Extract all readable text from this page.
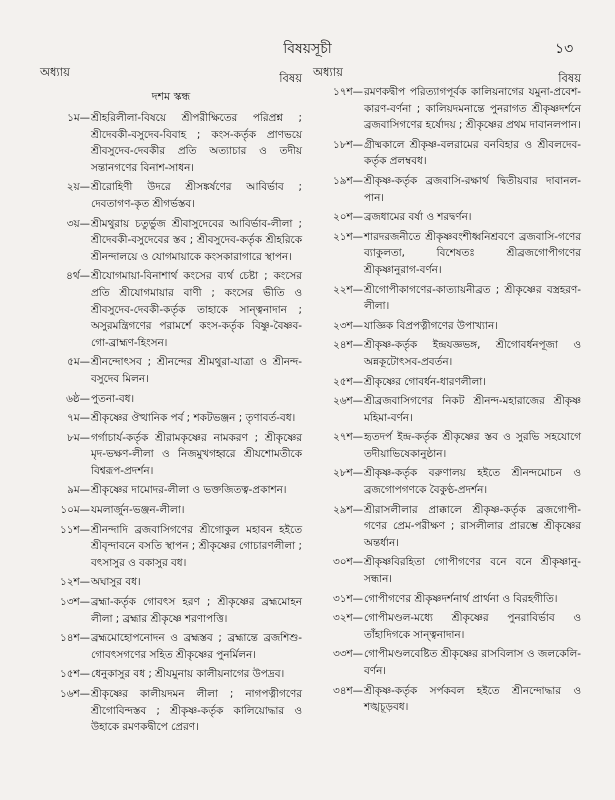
বিষয়সূচী	১৩
অধ্যায়	বিষয়
দশম স্কন্ধ
১ম— শ্রীহরিলীলা-বিষয়ে শ্রীপরীক্ষিতের পরিপ্রশ্ন ; শ্রীদেবকী-বসুদেব-বিবাহ ; কংস-কর্তৃক প্রাণভয়ে শ্রীবসুদেব-দেবকীর প্রতি অত্যাচার ও তদীয় সন্তানগণের বিনাশ-সাধন।
২য়— শ্রীরোহিণী উদরে শ্রীসঙ্কর্ষণের আবির্ভাব ; দেবতাগণ-কৃত শ্রীগর্ভস্তব।
৩য়— শ্রীমথুরায় চতুর্ভুজ শ্রীবাসুদেবের আবির্ভাব-লীলা ; শ্রীদেবকী-বসুদেবের স্তব ; শ্রীবসুদেব-কর্তৃক শ্রীহরিকে শ্রীনন্দালয়ে ও যোগমায়াকে কংসকারাগারে স্থাপন।
৪র্থ— শ্রীযোগমায়া-বিনাশার্থ কংসের ব্যর্থ চেষ্টা ; কংসের প্রতি শ্রীযোগমায়ার বাণী ; কংসের ভীতি ও শ্রীবসুদেব-দেবকী-কর্তৃক তাহাকে সান্ত্বনাদান ; অসুরমন্ত্রিগণের পরামর্শে কংস-কর্তৃক বিষ্ণু-বৈষ্ণব-গো-ব্রাহ্মণ-হিংসন।
৫ম— শ্রীনন্দোৎসব ; শ্রীনন্দের শ্রীমথুরা-যাত্রা ও শ্রীনন্দ-বসুদেব মিলন।
৬ষ্ঠ— পুতনা-বধ।
৭ম— শ্রীকৃষ্ণের ঔত্থানিক পর্ব ; শকটভঞ্জন ; তৃণাবর্ত-বধ।
৮ম— গর্গাচার্য-কর্তৃক শ্রীরামকৃষ্ণের নামকরণ ; শ্রীকৃষ্ণের মৃদ-ভক্ষণ-লীলা ও নিজমুখগহ্বরে শ্রীযশোমতীকে বিশ্বরূপ-প্রদর্শন।
৯ম— শ্রীকৃষ্ণের দামোদর-লীলা ও ভক্তজিতত্ব-প্রকাশন।
১০ম— যমলার্জুন-ভঞ্জন-লীলা।
১১শ— শ্রীনন্দাদি ব্রজবাসিগণের শ্রীগোকুল মহাবন হইতে শ্রীবৃন্দাবনে বসতি স্থাপন ; শ্রীকৃষ্ণের গোচারণলীলা ; বৎসাসুর ও বকাসুর বধ।
১২শ— অঘাসুর বধ।
১৩শ— ব্রহ্মা-কর্তৃক গোবৎস হরণ ; শ্রীকৃষ্ণের ব্রহ্মমোহন লীলা ; ব্রহ্মার শ্রীকৃষ্ণে শরণাপত্তি।
১৪শ— ব্রহ্মমোহোপনোদন ও ব্রহ্মস্তব ; ব্রহ্মান্তে ব্রজশিশু-গোবৎসগণের সহিত শ্রীকৃষ্ণের পুনর্মিলন।
১৫শ— ধেনুকাসুর বধ ; শ্রীযমুনায় কালীয়নাগের উপদ্রব।
১৬শ— শ্রীকৃষ্ণের কালীয়দমন লীলা ; নাগপত্নীগণের শ্রীগোবিন্দস্তব ; শ্রীকৃষ্ণ-কর্তৃক কালিয়োদ্ধার ও উহাকে রমণকদ্বীপে প্রেরণ।
অধ্যায়	বিষয়
১৭শ— রমণকদ্বীপ পরিত্যাগপূর্বক কালিয়নাগের যমুনা-প্রবেশ-কারণ-বর্ণনা ; কালিয়দমনান্তে পুনরাগত শ্রীকৃষ্ণদর্শনে ব্রজবাসিগণের হর্ষোদয় ; শ্রীকৃষ্ণের প্রথম দাবানলপান।
১৮শ— গ্রীষ্মকালে শ্রীকৃষ্ণ-বলরামের বনবিহার ও শ্রীবলদেব-কর্তৃক প্রলম্ববধ।
১৯শ— শ্রীকৃষ্ণ-কর্তৃক ব্রজবাসি-রক্ষার্থ দ্বিতীয়বার দাবানল-পান।
২০শ— ব্রজধামের বর্ষা ও শরদ্বর্ণন।
২১শ— শারদরজনীতে শ্রীকৃষ্ণবংশীধ্বনিশ্রবণে ব্রজবাসি-গণের ব্যাকুলতা, বিশেষতঃ শ্রীব্রজগোপীগণের শ্রীকৃষ্ণানুরাগ-বর্ণন।
২২শ— শ্রীগোপীকাগণের-কাত্যায়নীব্রত ; শ্রীকৃষ্ণের বস্ত্রহরণ-লীলা।
২৩শ— যাজ্ঞিক বিপ্রপত্নীগণের উপাখ্যান।
২৪শ— শ্রীকৃষ্ণ-কর্তৃক ইন্দ্রযজ্ঞভঙ্গ, শ্রীগোবর্ধনপূজা ও অন্নকূটোৎসব-প্রবর্তন।
২৫শ— শ্রীকৃষ্ণের গোবর্ধন-ধারণলীলা।
২৬শ— শ্রীব্রজবাসিগণের নিকট শ্রীনন্দ-মহারাজের শ্রীকৃষ্ণ মহিমা-বর্ণন।
২৭শ— হৃতদর্প ইন্দ্র-কর্তৃক শ্রীকৃষ্ণের স্তব ও সুরভি সহযোগে তদীয়াভিষেকানুষ্ঠান।
২৮শ— শ্রীকৃষ্ণ-কর্তৃক বরুণালয় হইতে শ্রীনন্দমোচন ও ব্রজগোপগণকে বৈকুণ্ঠ-প্রদর্শন।
২৯শ— শ্রীরাসলীলার প্রাক্কালে শ্রীকৃষ্ণ-কর্তৃক ব্রজগোপী-গণের প্রেম-পরীক্ষণ ; রাসলীলার প্রারম্ভে শ্রীকৃষ্ণের অন্তর্ধান।
৩০শ— শ্রীকৃষ্ণবিরহিতা গোপীগণের বনে বনে শ্রীকৃষ্ণানু-সন্ধান।
৩১শ— গোপীগণের শ্রীকৃষ্ণদর্শনার্থ প্রার্থনা ও বিরহগীতি।
৩২শ— গোপীমণ্ডল-মধ্যে শ্রীকৃষ্ণের পুনরাবির্ভাব ও তাঁহাদিগকে সান্ত্বনাদান।
৩৩শ— গোপীমণ্ডলবেষ্টিত শ্রীকৃষ্ণের রাসবিলাস ও জলকেলি-বর্ণন।
৩৪শ— শ্রীকৃষ্ণ-কর্তৃক সর্পকবল হইতে শ্রীনন্দোদ্ধার ও শঙ্খচূড়বধ।
